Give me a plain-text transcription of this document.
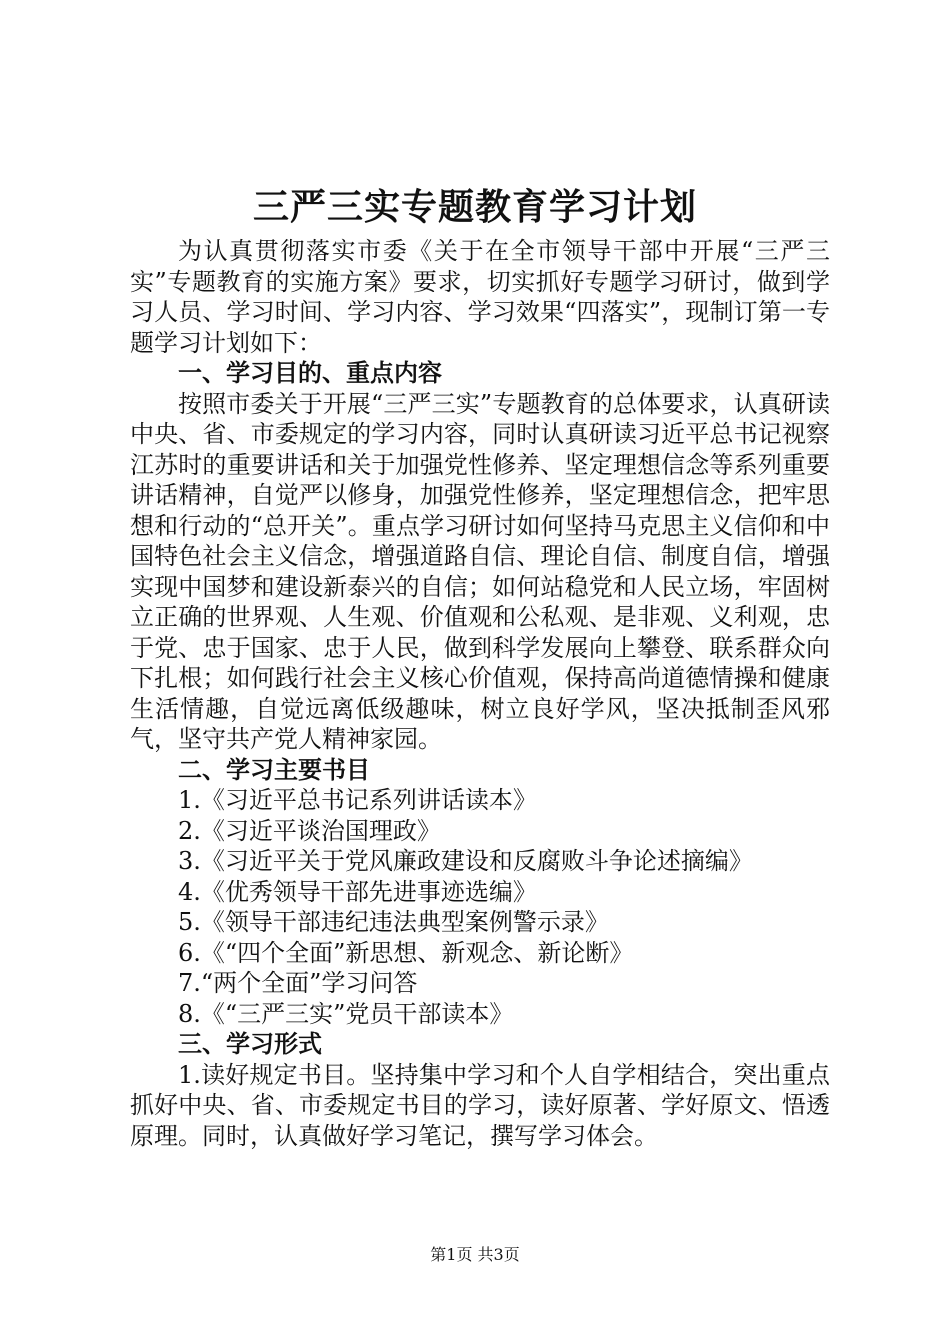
三严三实专题教育学习计划

为认真贯彻落实市委《关于在全市领导干部中开展“三严三实”专题教育的实施方案》要求，切实抓好专题学习研讨，做到学习人员、学习时间、学习内容、学习效果“四落实”，现制订第一专题学习计划如下：

一、学习目的、重点内容

按照市委关于开展“三严三实”专题教育的总体要求，认真研读中央、省、市委规定的学习内容，同时认真研读习近平总书记视察江苏时的重要讲话和关于加强党性修养、坚定理想信念等系列重要讲话精神，自觉严以修身，加强党性修养，坚定理想信念，把牢思想和行动的“总开关”。重点学习研讨如何坚持马克思主义信仰和中国特色社会主义信念，增强道路自信、理论自信、制度自信，增强实现中国梦和建设新泰兴的自信；如何站稳党和人民立场，牢固树立正确的世界观、人生观、价值观和公私观、是非观、义利观，忠于党、忠于国家、忠于人民，做到科学发展向上攀登、联系群众向下扎根；如何践行社会主义核心价值观，保持高尚道德情操和健康生活情趣，自觉远离低级趣味，树立良好学风，坚决抵制歪风邪气，坚守共产党人精神家园。

二、学习主要书目

1.《习近平总书记系列讲话读本》
2.《习近平谈治国理政》
3.《习近平关于党风廉政建设和反腐败斗争论述摘编》
4.《优秀领导干部先进事迹选编》
5.《领导干部违纪违法典型案例警示录》
6.《“四个全面”新思想、新观念、新论断》
7.“两个全面”学习问答
8.《“三严三实”党员干部读本》

三、学习形式

1.读好规定书目。坚持集中学习和个人自学相结合，突出重点抓好中央、省、市委规定书目的学习，读好原著、学好原文、悟透原理。同时，认真做好学习笔记，撰写学习体会。

第1页 共3页
